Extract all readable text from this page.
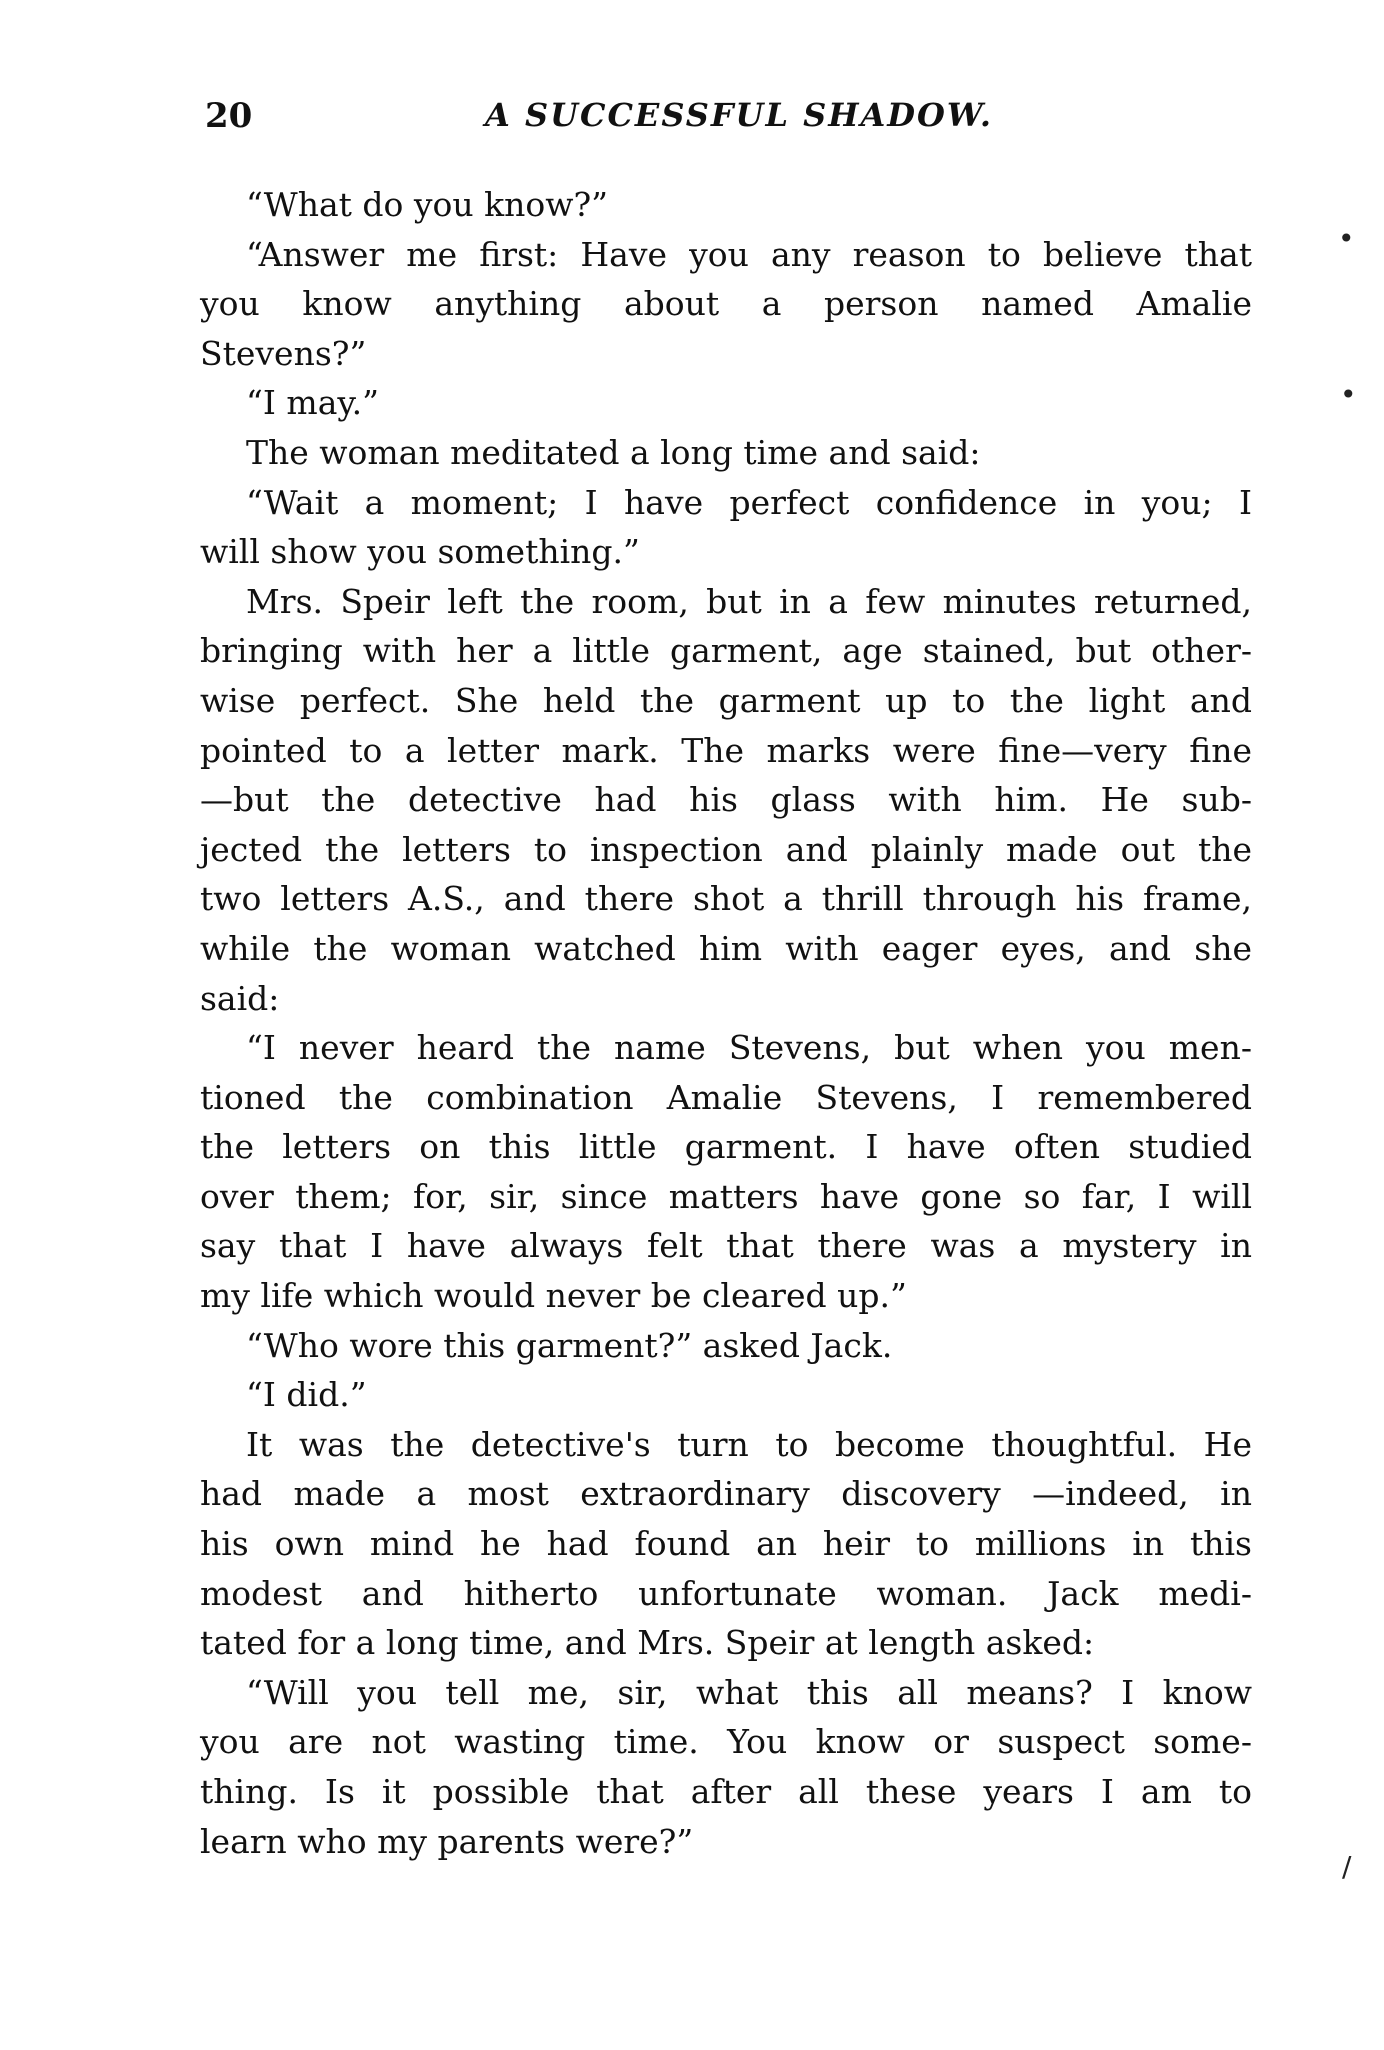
20	A SUCCESSFUL SHADOW.
“What do you know?”
“Answer me first: Have you any reason to believe that
you know anything about a person named Amalie
Stevens?”
“I may.”
The woman meditated a long time and said:
“Wait a moment; I have perfect confidence in you; I
will show you something.”
Mrs. Speir left the room, but in a few minutes returned,
bringing with her a little garment, age stained, but other-
wise perfect. She held the garment up to the light and
pointed to a letter mark. The marks were fine—very fine
—but the detective had his glass with him. He sub-
jected the letters to inspection and plainly made out the
two letters A.S., and there shot a thrill through his frame,
while the woman watched him with eager eyes, and she
said:
“I never heard the name Stevens, but when you men-
tioned the combination Amalie Stevens, I remembered
the letters on this little garment. I have often studied
over them; for, sir, since matters have gone so far, I will
say that I have always felt that there was a mystery in
my life which would never be cleared up.”
“Who wore this garment?” asked Jack.
“I did.”
It was the detective's turn to become thoughtful. He
had made a most extraordinary discovery —indeed, in
his own mind he had found an heir to millions in this
modest and hitherto unfortunate woman. Jack medi-
tated for a long time, and Mrs. Speir at length asked:
“Will you tell me, sir, what this all means? I know
you are not wasting time. You know or suspect some-
thing. Is it possible that after all these years I am to
learn who my parents were?”
•
•
/
